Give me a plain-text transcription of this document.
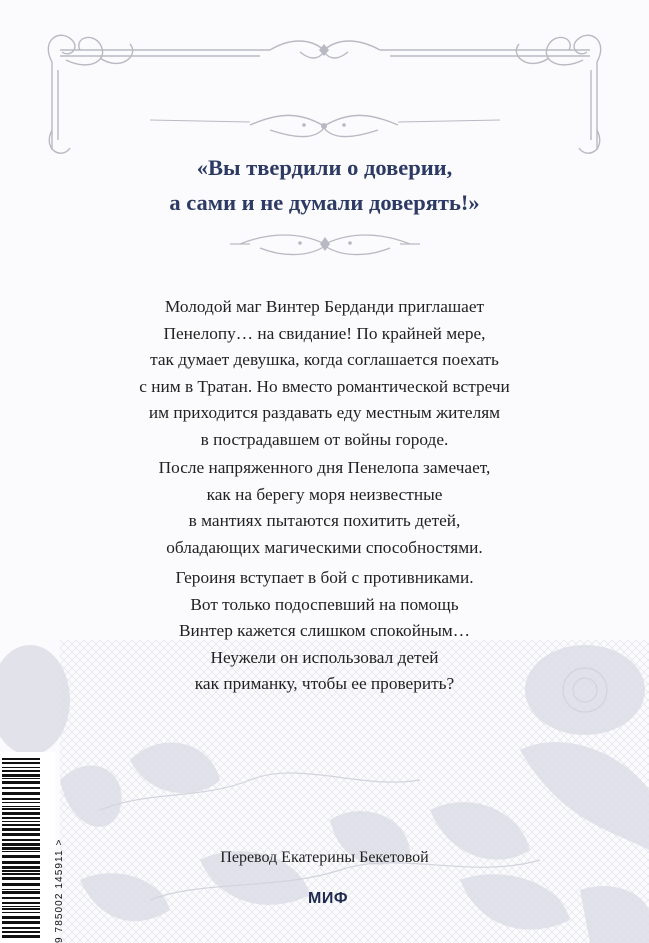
«Вы твердили о доверии,
а сами и не думали доверять!»
Молодой маг Винтер Берданди приглашает
Пенелопу… на свидание! По крайней мере,
так думает девушка, когда соглашается поехать
с ним в Тратан. Но вместо романтической встречи
им приходится раздавать еду местным жителям
в пострадавшем от войны городе.
После напряженного дня Пенелопа замечает,
как на берегу моря неизвестные
в мантиях пытаются похитить детей,
обладающих магическими способностями.
Героиня вступает в бой с противниками.
Вот только подоспевший на помощь
Винтер кажется слишком спокойным…
Неужели он использовал детей
как приманку, чтобы ее проверить?
9 785002 145911 >	Перевод Екатерины Бекетовой
МИФ
